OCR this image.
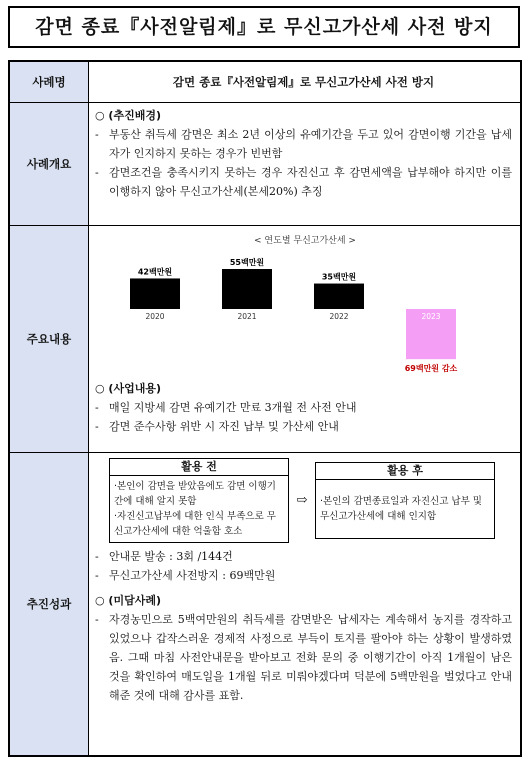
감면 종료『사전알림제』로 무신고가산세 사전 방지
사례명	감면 종료『사전알림제』로 무신고가산세 사전 방지
사례개요
○ (추진배경)
- 부동산 취득세 감면은 최소 2년 이상의 유예기간을 두고 있어 감면이행 기간을 납세자가 인지하지 못하는 경우가 빈번함
- 감면조건을 충족시키지 못하는 경우 자진신고 후 감면세액을 납부해야 하지만 이를 이행하지 않아 무신고가산세(본세20%) 추징
주요내용
< 연도별 무신고가산세 >
42백만원
2020
55백만원
2021
35백만원
2022
69백만원 감소
2023
○ (사업내용)
- 매일 지방세 감면 유예기간 만료 3개월 전 사전 안내
- 감면 준수사항 위반 시 자진 납부 및 가산세 안내
추진성과
활용 전
·본인이 감면을 받았음에도 감면 이행기간에 대해 알지 못함
·자진신고납부에 대한 인식 부족으로 무신고가산세에 대한 억울함 호소
⇨
활용 후
·본인의 감면종료일과 자진신고 납부 및 무신고가산세에 대해 인지함
- 안내문 발송 : 3회 /144건
- 무신고가산세 사전방지 : 69백만원
○ (미담사례)
- 자경농민으로 5백여만원의 취득세를 감면받은 납세자는 계속해서 농지를 경작하고 있었으나 갑작스러운 경제적 사정으로 부득이 토지를 팔아야 하는 상황이 발생하였음. 그때 마침 사전안내문을 받아보고 전화 문의 중 이행기간이 아직 1개월이 남은 것을 확인하여 매도일을 1개월 뒤로 미뤄야겠다며 덕분에 5백만원을 벌었다고 안내해준 것에 대해 감사를 표함.
